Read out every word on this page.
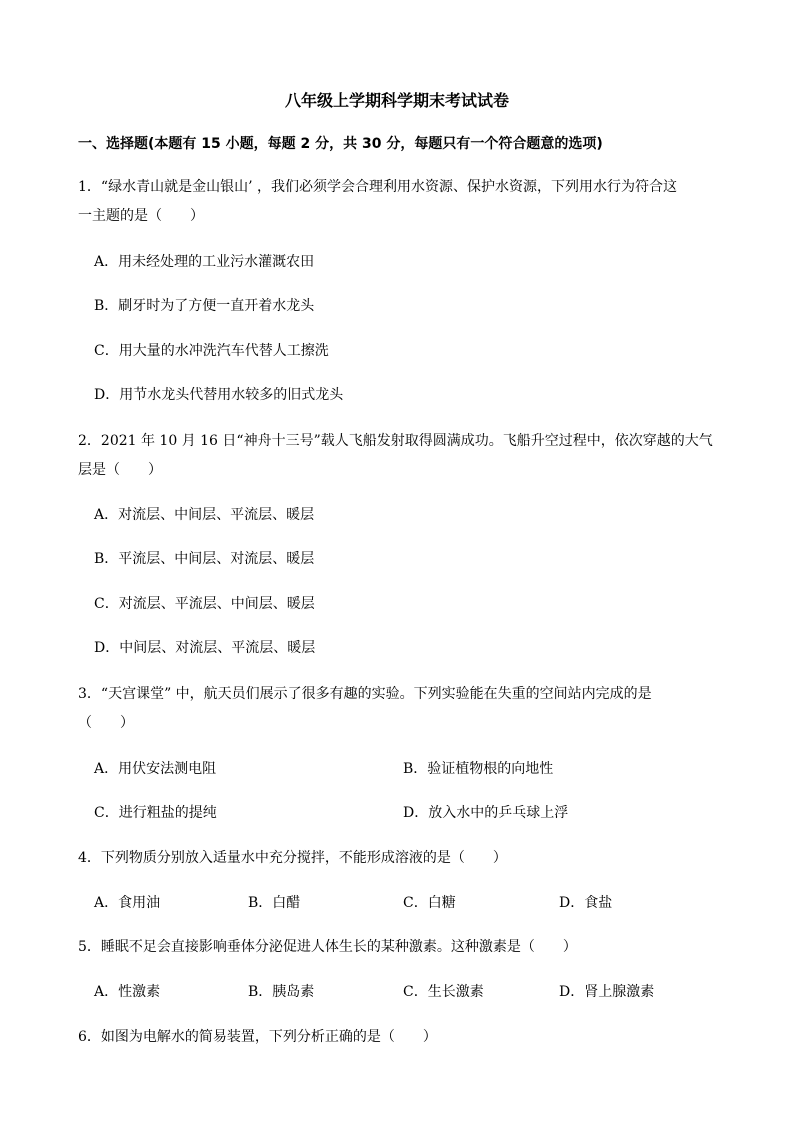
八年级上学期科学期末考试试卷
一、选择题(本题有 15 小题，每题 2 分，共 30 分，每题只有一个符合题意的选项)
1．“绿水青山就是金山银山’ ，我们必须学会合理利用水资源、保护水资源，下列用水行为符合这
一主题的是（　　）
A．用未经处理的工业污水灌溉农田
B．刷牙时为了方便一直开着水龙头
C．用大量的水冲洗汽车代替人工擦洗
D．用节水龙头代替用水较多的旧式龙头
2．2021 年 10 月 16 日“神舟十三号”载人飞船发射取得圆满成功。飞船升空过程中，依次穿越的大气
层是（　　）
A．对流层、中间层、平流层、暖层
B．平流层、中间层、对流层、暖层
C．对流层、平流层、中间层、暖层
D．中间层、对流层、平流层、暖层
3．“天宫课堂” 中，航天员们展示了很多有趣的实验。下列实验能在失重的空间站内完成的是
（　　）
A．用伏安法测电阻	B．验证植物根的向地性
C．进行粗盐的提纯	D．放入水中的乒乓球上浮
4．下列物质分别放入适量水中充分搅拌，不能形成溶液的是（　　）
A．食用油	B．白醋	C．白糖	D．食盐
5．睡眠不足会直接影响垂体分泌促进人体生长的某种激素。这种激素是（　　）
A．性激素	B．胰岛素	C．生长激素	D．肾上腺激素
6．如图为电解水的简易装置，下列分析正确的是（　　）
